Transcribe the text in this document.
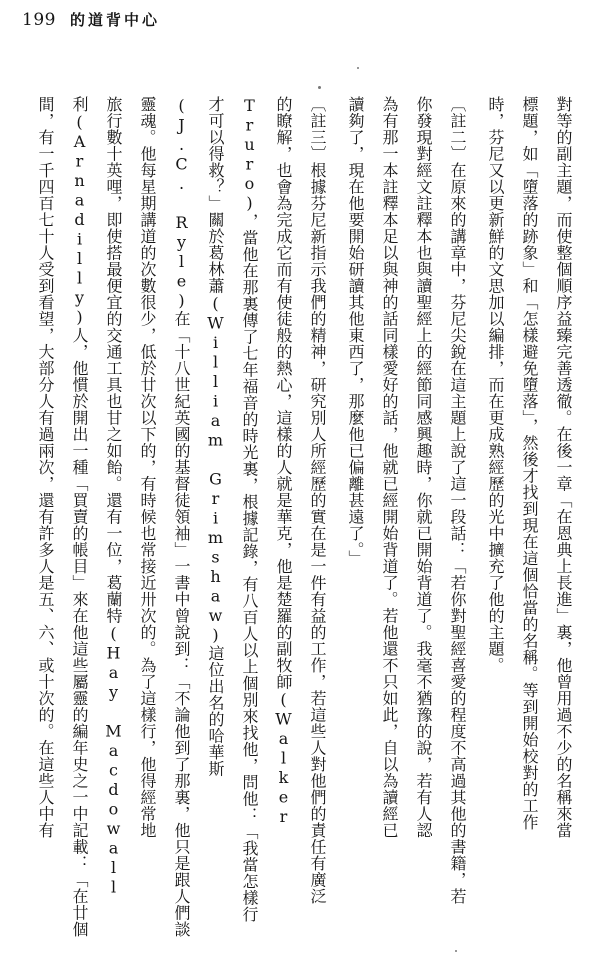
199 的道背中心
對等的副主題，而使整個順序益臻完善透徹。在後一章「在恩典上長進」裏，他曾用過不少的名稱來當
標題，如「墮落的跡象」和「怎樣避免墮落」，然後才找到現在這個恰當的名稱。等到開始校對的工作
時，芬尼又以更新鮮的文思加以編排，而在更成熟經歷的光中擴充了他的主題。
〔註二〕在原來的講章中，芬尼尖銳在這主題上說了這一段話：「若你對聖經喜愛的程度不高過其他的書籍，若
你發現對經文註釋本也與讀聖經上的經節同感興趣時，你就已開始背道了。我毫不猶豫的說，若有人認
為有那一本註釋本足以與神的話同樣愛好的話，他就已經開始背道了。若他還不只如此，自以為讀經已
讀夠了，現在他要開始研讀其他東西了，那麼他已偏離甚遠了。」
〔註三〕根據芬尼新指示我們的精神，研究別人所經歷的實在是一件有益的工作，若這些人對他們的責任有廣泛
的瞭解，也會為完成它而有使徒般的熱心，這樣的人就是華克，他是楚羅的副牧師(Walker
Truro)，當他在那裏傳了七年福音的時光裏，根據記錄，有八百人以上個別來找他，問他：「我當怎樣行
才可以得救？」關於葛林蕭(William Grimshaw)這位出名的哈華斯
(J.C. Ryle)在「十八世紀英國的基督徒領袖」一書中曾說到：「不論他到了那裏，他只是跟人們談
靈魂。他每星期講道的次數很少，低於廿次以下的，有時候也常接近卅次的。為了這樣行，他得經常地
旅行數十英哩，即使搭最便宜的交通工具也甘之如飴。還有一位，葛蘭特(Hay Macdowall
利(Arnadilly)人，他慣於開出一種「買賣的帳目」來在他這些屬靈的編年史之一中記載：「在廿個
間，有一千四百七十人受到看望，大部分人有過兩次，還有許多人是五、六、或十次的。在這些人中有
